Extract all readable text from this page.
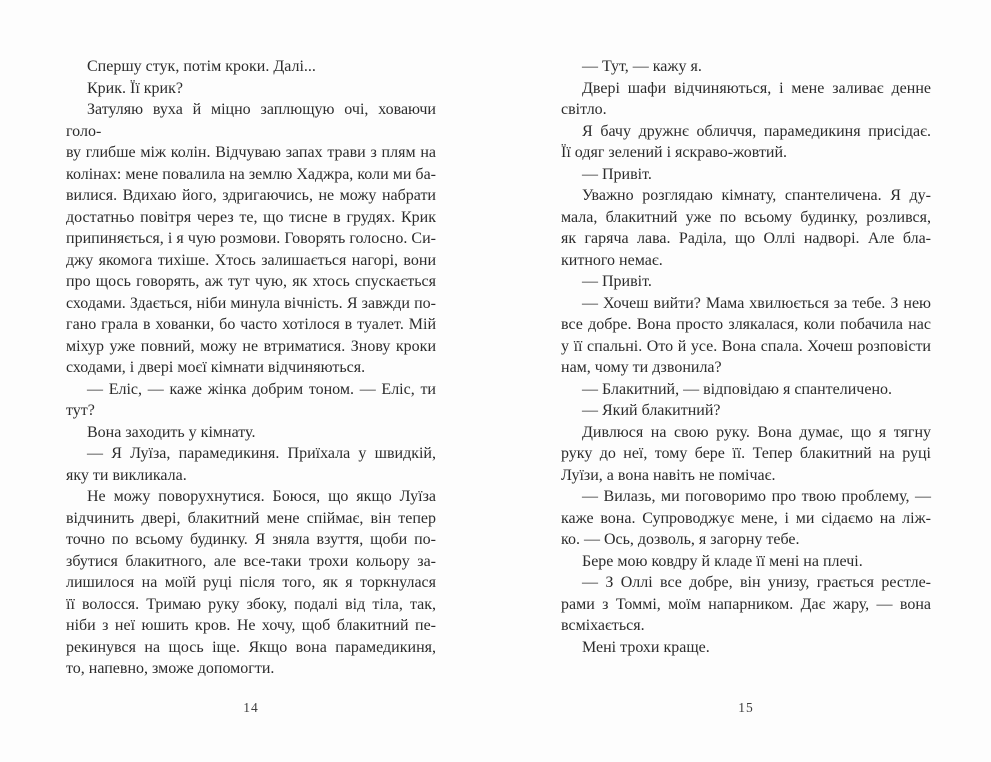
Спершу стук, потім кроки. Далі...

Крик. Її крик?

Затуляю вуха й міцно заплющую очі, ховаючи голо-
ву глибше між колін. Відчуваю запах трави з плям на
колінах: мене повалила на землю Хаджра, коли ми ба-
вилися. Вдихаю його, здригаючись, не можу набрати
достатньо повітря через те, що тисне в грудях. Крик
припиняється, і я чую розмови. Говорять голосно. Си-
джу якомога тихіше. Хтось залишається нагорі, вони
про щось говорять, аж тут чую, як хтось спускається
сходами. Здається, ніби минула вічність. Я завжди по-
гано грала в хованки, бо часто хотілося в туалет. Мій
міхур уже повний, можу не втриматися. Знову кроки
сходами, і двері моєї кімнати відчиняються.

— Еліс, — каже жінка добрим тоном. — Еліс, ти
тут?

Вона заходить у кімнату.

— Я Луїза, парамедикиня. Приїхала у швидкій,
яку ти викликала.

Не можу поворухнутися. Боюся, що якщо Луїза
відчинить двері, блакитний мене спіймає, він тепер
точно по всьому будинку. Я зняла взуття, щоби по-
збутися блакитного, але все-таки трохи кольору за-
лишилося на моїй руці після того, як я торкнулася
її волосся. Тримаю руку збоку, подалі від тіла, так,
ніби з неї юшить кров. Не хочу, щоб блакитний пе-
рекинувся на щось іще. Якщо вона парамедикиня,
то, напевно, зможе допомогти.

14

— Тут, — кажу я.

Двері шафи відчиняються, і мене заливає денне
світло.

Я бачу дружнє обличчя, парамедикиня присідає.
Її одяг зелений і яскраво-жовтий.

— Привіт.

Уважно розглядаю кімнату, спантеличена. Я ду-
мала, блакитний уже по всьому будинку, розлився,
як гаряча лава. Раділа, що Оллі надворі. Але бла-
китного немає.

— Привіт.

— Хочеш вийти? Мама хвилюється за тебе. З нею
все добре. Вона просто злякалася, коли побачила нас
у її спальні. Ото й усе. Вона спала. Хочеш розповісти
нам, чому ти дзвонила?

— Блакитний, — відповідаю я спантеличено.

— Який блакитний?

Дивлюся на свою руку. Вона думає, що я тягну
руку до неї, тому бере її. Тепер блакитний на руці
Луїзи, а вона навіть не помічає.

— Вилазь, ми поговоримо про твою проблему, —
каже вона. Супроводжує мене, і ми сідаємо на ліж-
ко. — Ось, дозволь, я загорну тебе.

Бере мою ковдру й кладе її мені на плечі.

— З Оллі все добре, він унизу, грається рестле-
рами з Томмі, моїм напарником. Дає жару, — вона
всміхається.

Мені трохи краще.

15
